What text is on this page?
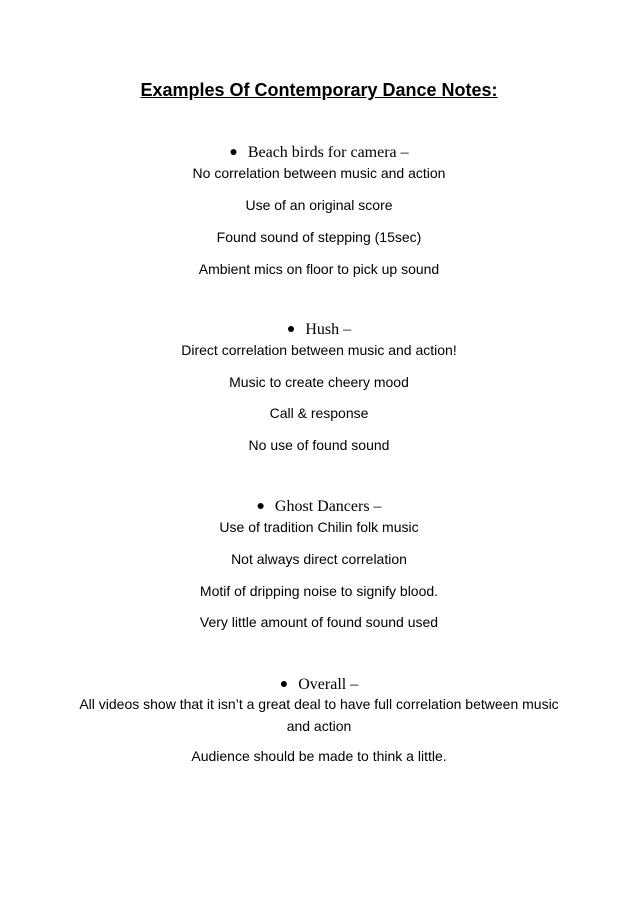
Examples Of Contemporary Dance Notes:
● Beach birds for camera –

No correlation between music and action

Use of an original score

Found sound of stepping (15sec)

Ambient mics on floor to pick up sound

● Hush –

Direct correlation between music and action!

Music to create cheery mood

Call & response

No use of found sound

● Ghost Dancers –

Use of tradition Chilin folk music

Not always direct correlation

Motif of dripping noise to signify blood.

Very little amount of found sound used

● Overall –

All videos show that it isn’t a great deal to have full correlation between music and action

Audience should be made to think a little.
